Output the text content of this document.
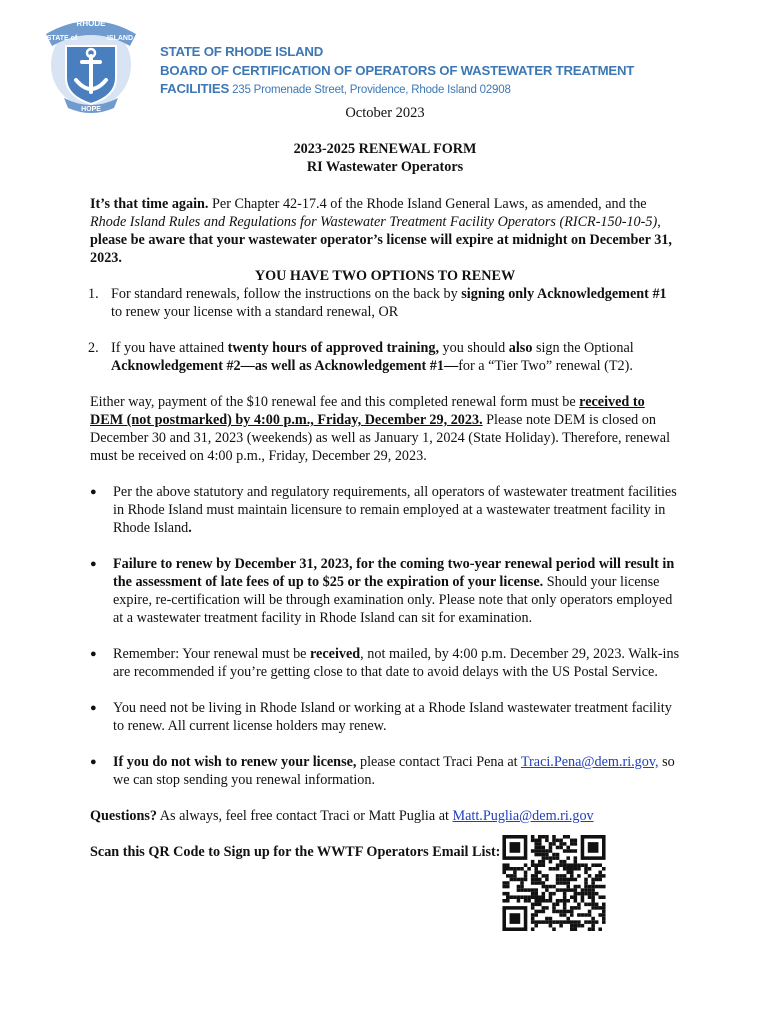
RHODE
STATE of	ISLAND
HOPE
STATE OF RHODE ISLAND
BOARD OF CERTIFICATION OF OPERATORS OF WASTEWATER TREATMENT
FACILITIES 235 Promenade Street, Providence, Rhode Island 02908
October 2023
2023-2025 RENEWAL FORM
RI Wastewater Operators

It’s that time again. Per Chapter 42-17.4 of the Rhode Island General Laws, as amended, and the Rhode Island Rules and Regulations for Wastewater Treatment Facility Operators (RICR-150-10-5), please be aware that your wastewater operator’s license will expire at midnight on December 31, 2023.

YOU HAVE TWO OPTIONS TO RENEW

1. For standard renewals, follow the instructions on the back by signing only Acknowledgement #1 to renew your license with a standard renewal, OR
2. If you have attained twenty hours of approved training, you should also sign the Optional Acknowledgement #2—as well as Acknowledgement #1—for a “Tier Two” renewal (T2).

Either way, payment of the $10 renewal fee and this completed renewal form must be received to DEM (not postmarked) by 4:00 p.m., Friday, December 29, 2023. Please note DEM is closed on December 30 and 31, 2023 (weekends) as well as January 1, 2024 (State Holiday). Therefore, renewal must be received on 4:00 p.m., Friday, December 29, 2023.

●	Per the above statutory and regulatory requirements, all operators of wastewater treatment facilities in Rhode Island must maintain licensure to remain employed at a wastewater treatment facility in Rhode Island.
●	Failure to renew by December 31, 2023, for the coming two-year renewal period will result in the assessment of late fees of up to $25 or the expiration of your license. Should your license expire, re-certification will be through examination only. Please note that only operators employed at a wastewater treatment facility in Rhode Island can sit for examination.
●	Remember: Your renewal must be received, not mailed, by 4:00 p.m. December 29, 2023. Walk-ins are recommended if you’re getting close to that date to avoid delays with the US Postal Service.
●	You need not be living in Rhode Island or working at a Rhode Island wastewater treatment facility to renew. All current license holders may renew.
●	If you do not wish to renew your license, please contact Traci Pena at Traci.Pena@dem.ri.gov, so we can stop sending you renewal information.

Questions? As always, feel free contact Traci or Matt Puglia at Matt.Puglia@dem.ri.gov

Scan this QR Code to Sign up for the WWTF Operators Email List:
